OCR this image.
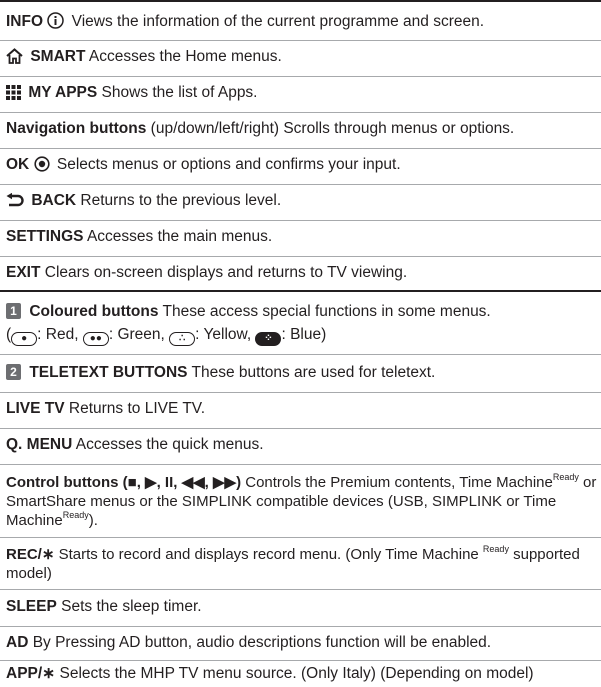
INFO Views the information of the current programme and screen.
SMART Accesses the Home menus.
MY APPS Shows the list of Apps.
Navigation buttons (up/down/left/right) Scrolls through menus or options.
OK Selects menus or options and confirms your input.
BACK Returns to the previous level.
SETTINGS Accesses the main menus.
EXIT Clears on-screen displays and returns to TV viewing.
1 Coloured buttons These access special functions in some menus.
( ● : Red, ●● : Green, ∴ : Yellow, ⁘ : Blue)
2 TELETEXT BUTTONS These buttons are used for teletext.
LIVE TV Returns to LIVE TV.
Q. MENU Accesses the quick menus.
Control buttons (■, ▶, II, ◀◀, ▶▶) Controls the Premium contents, Time Machine$^{Ready}$ or SmartShare menus or the SIMPLINK compatible devices (USB, SIMPLINK or Time Machine$^{Ready}$).
REC/∗ Starts to record and displays record menu. (Only Time Machine $^{Ready}$ supported model)
SLEEP Sets the sleep timer.
AD By Pressing AD button, audio descriptions function will be enabled.
APP/∗ Selects the MHP TV menu source. (Only Italy) (Depending on model)
